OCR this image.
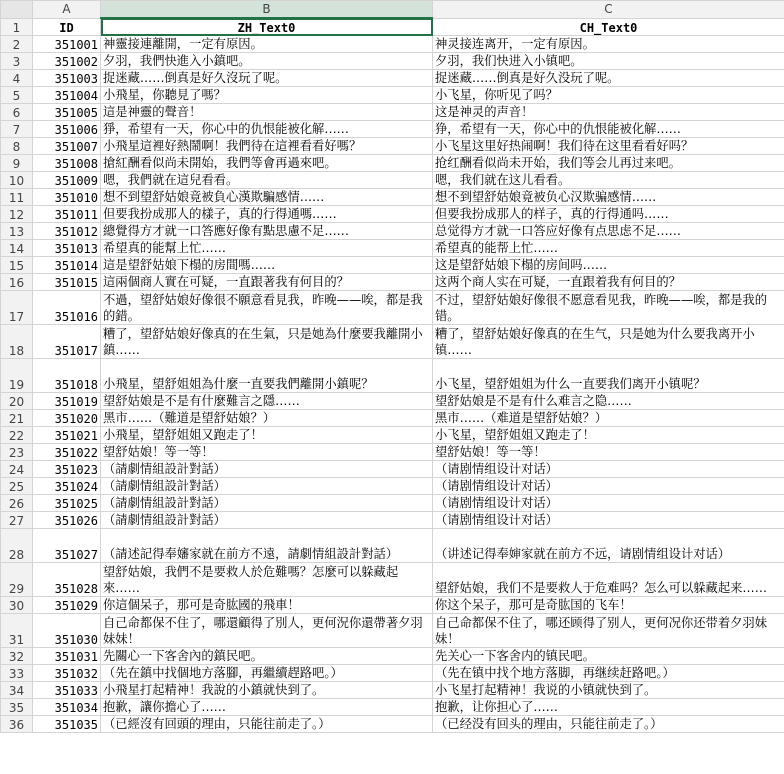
	A	B	C
1	ID	ZH_Text0	CH_Text0
2	351001	神靈接連離開，一定有原因。	神灵接连离开，一定有原因。
3	351002	夕羽，我們快進入小鎮吧。	夕羽，我们快进入小镇吧。
4	351003	捉迷藏……倒真是好久沒玩了呢。	捉迷藏……倒真是好久没玩了呢。
5	351004	小飛星，你聽見了嗎？	小飞星，你听见了吗？
6	351005	這是神靈的聲音！	这是神灵的声音！
7	351006	猙，希望有一天，你心中的仇恨能被化解……	狰，希望有一天，你心中的仇恨能被化解……
8	351007	小飛星這裡好熱鬧啊！我們待在這裡看看好嗎？	小飞星这里好热闹啊！我们待在这里看看好吗？
9	351008	搶紅酬看似尚未開始，我們等會再過來吧。	抢红酬看似尚未开始，我们等会儿再过来吧。
10	351009	嗯，我們就在這兒看看。	嗯，我们就在这儿看看。
11	351010	想不到望舒姑娘竟被負心漢欺騙感情……	想不到望舒姑娘竟被负心汉欺骗感情……
12	351011	但要我扮成那人的樣子，真的行得通嗎……	但要我扮成那人的样子，真的行得通吗……
13	351012	總覺得方才就一口答應好像有點思慮不足……	总觉得方才就一口答应好像有点思虑不足……
14	351013	希望真的能幫上忙……	希望真的能帮上忙……
15	351014	這是望舒姑娘下榻的房間嗎……	这是望舒姑娘下榻的房间吗……
16	351015	這兩個商人實在可疑，一直跟著我有何目的？	这两个商人实在可疑，一直跟着我有何目的？
17	351016	不過，望舒姑娘好像很不願意看見我，昨晚——唉，都是我的錯。	不过，望舒姑娘好像很不愿意看见我，昨晚——唉，都是我的错。
18	351017	糟了，望舒姑娘好像真的在生氣，只是她為什麼要我離開小鎮……	糟了，望舒姑娘好像真的在生气，只是她为什么要我离开小镇……
19	351018	小飛星，望舒姐姐為什麼一直要我們離開小鎮呢？	小飞星，望舒姐姐为什么一直要我们离开小镇呢？
20	351019	望舒姑娘是不是有什麼難言之隱……	望舒姑娘是不是有什么难言之隐……
21	351020	黑市……（難道是望舒姑娘？）	黑市……（难道是望舒姑娘？）
22	351021	小飛星，望舒姐姐又跑走了！	小飞星，望舒姐姐又跑走了！
23	351022	望舒姑娘！等一等！	望舒姑娘！等一等！
24	351023	（請劇情組設計對話）	（请剧情组设计对话）
25	351024	（請劇情組設計對話）	（请剧情组设计对话）
26	351025	（請劇情組設計對話）	（请剧情组设计对话）
27	351026	（請劇情組設計對話）	（请剧情组设计对话）
28	351027	（請述記得奉嬸家就在前方不遠，請劇情組設計對話）	（讲述记得奉婶家就在前方不远，请剧情组设计对话）
29	351028	望舒姑娘，我們不是要救人於危難嗎？怎麼可以躲藏起來……	望舒姑娘，我们不是要救人于危难吗？怎么可以躲藏起来……
30	351029	你這個呆子，那可是奇肱國的飛車！	你这个呆子，那可是奇肱国的飞车！
31	351030	自己命都保不住了，哪還顧得了別人，更何況你還帶著夕羽妹妹！	自己命都保不住了，哪还顾得了别人，更何况你还带着夕羽妹妹！
32	351031	先關心一下客舍內的鎮民吧。	先关心一下客舍内的镇民吧。
33	351032	（先在鎮中找個地方落腳，再繼續趕路吧。）	（先在镇中找个地方落脚，再继续赶路吧。）
34	351033	小飛星打起精神！我說的小鎮就快到了。	小飞星打起精神！我说的小镇就快到了。
35	351034	抱歉，讓你擔心了……	抱歉，让你担心了……
36	351035	（已經沒有回頭的理由，只能往前走了。）	（已经没有回头的理由，只能往前走了。）
